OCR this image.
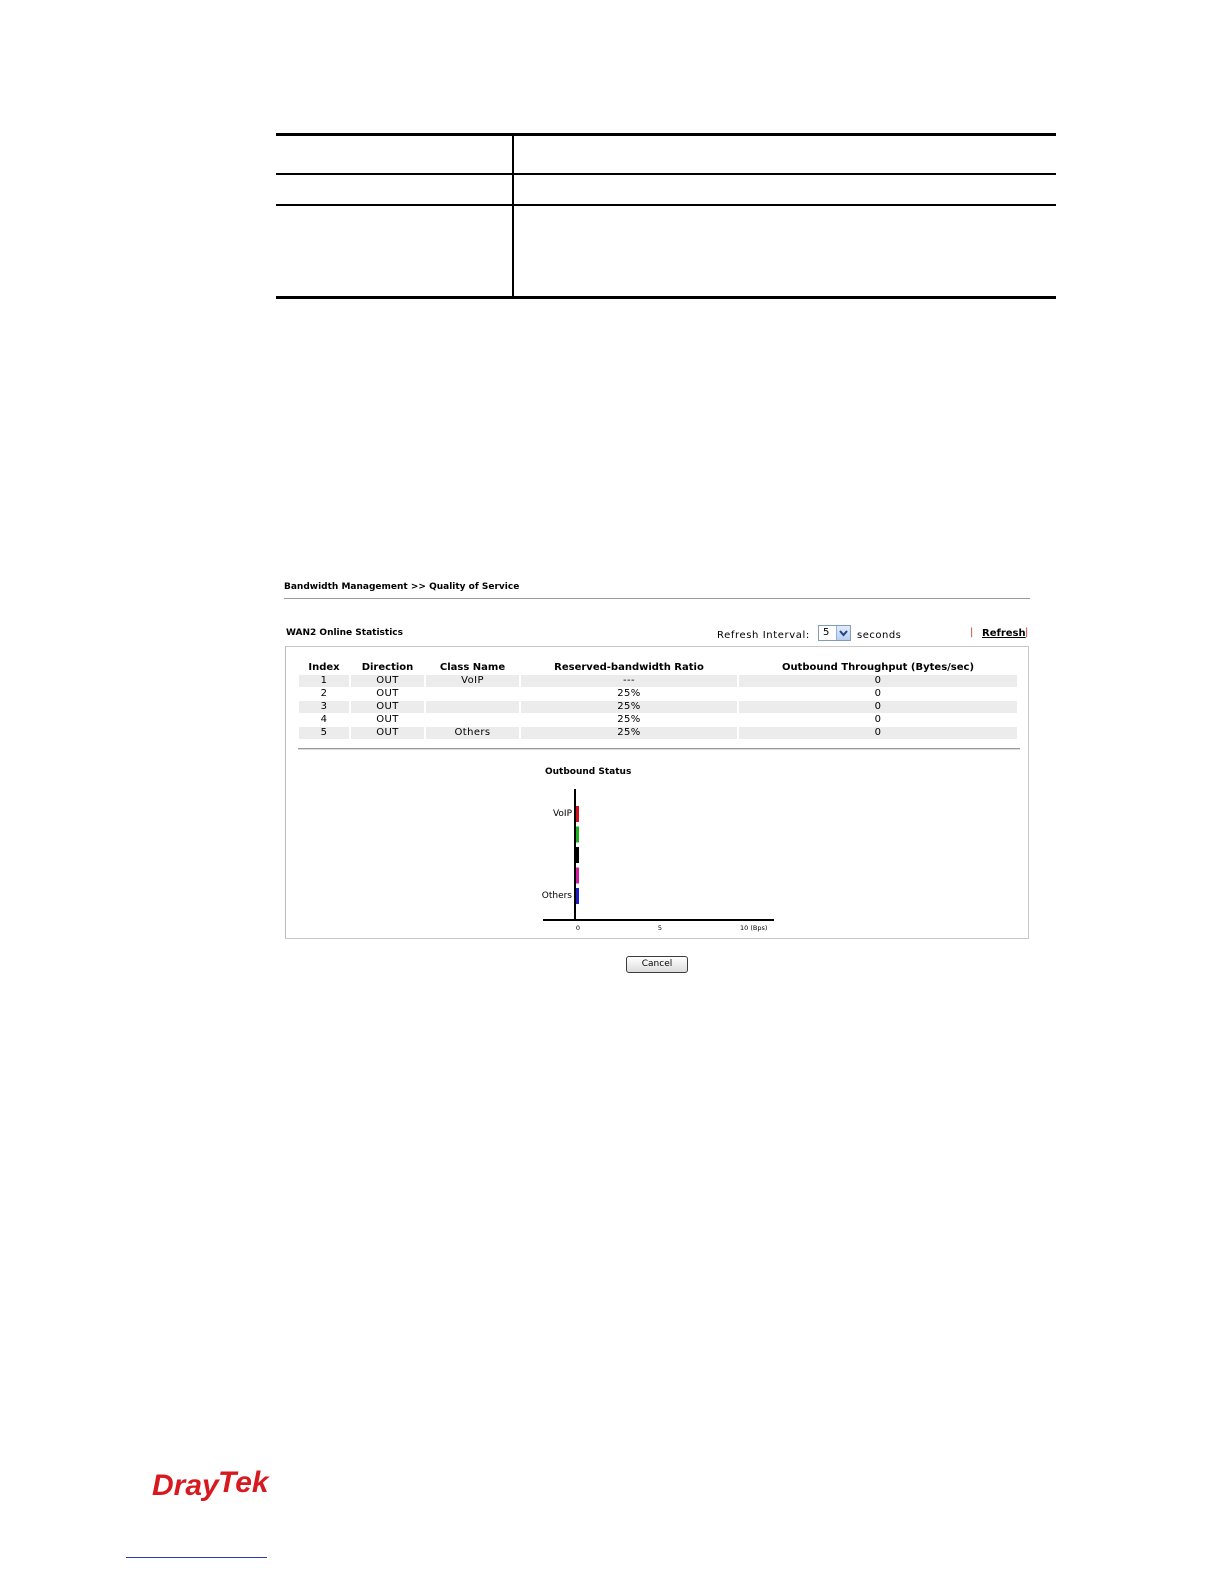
Bandwidth Management >> Quality of Service
WAN2 Online Statistics	Refresh Interval: 5	seconds	| Refresh |
Index	Direction	Class Name	Reserved-bandwidth Ratio	Outbound Throughput (Bytes/sec)
1	OUT	VoIP	---	0
2	OUT		25%	0
3	OUT		25%	0
4	OUT		25%	0
5	OUT	Others	25%	0
Outbound Status
VoIP
Others
0	5	10 (Bps)
Cancel
Dray Tek
